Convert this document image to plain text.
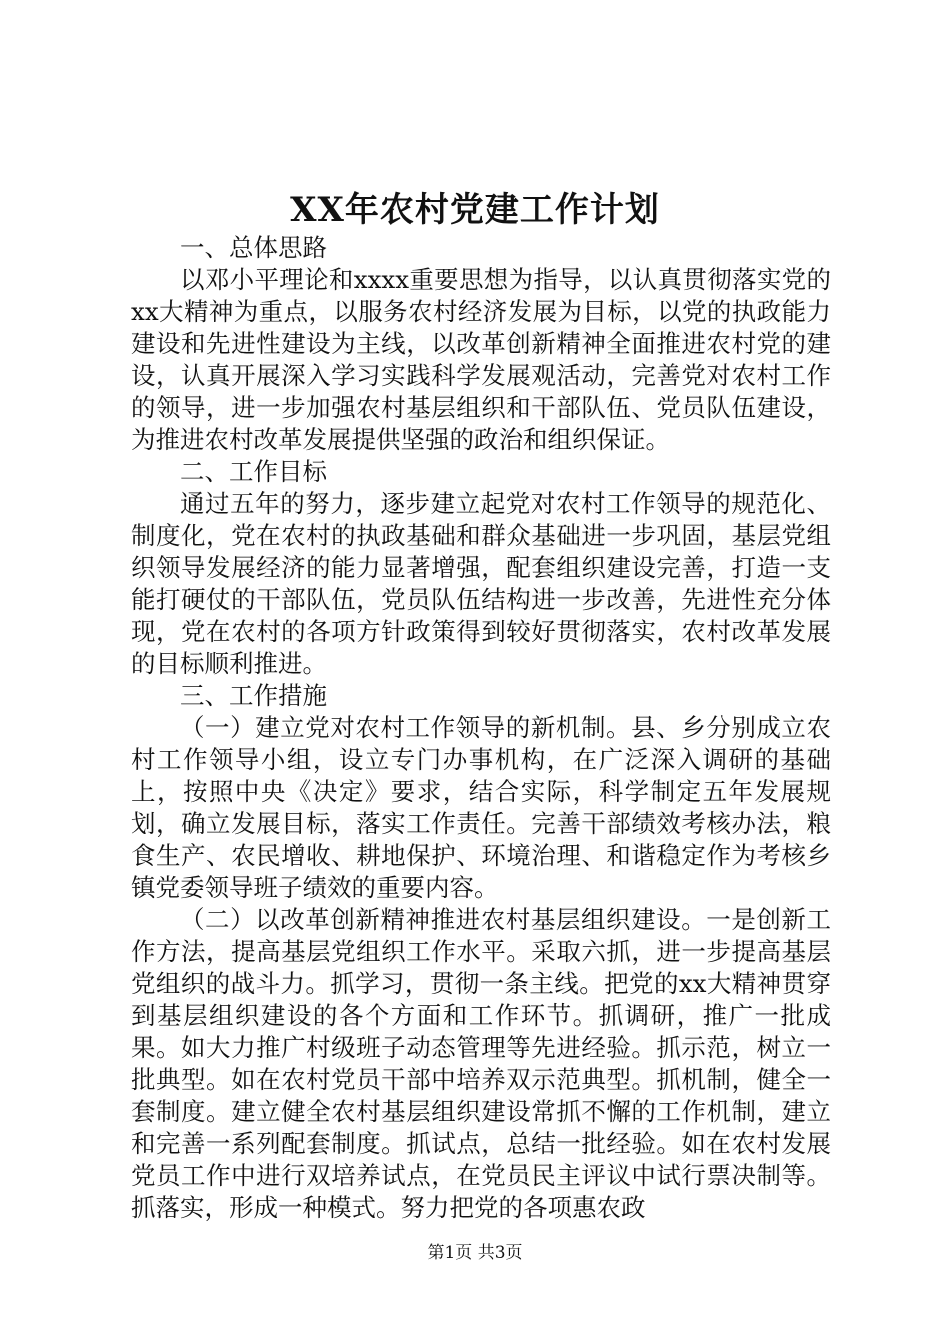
XX年农村党建工作计划

一、总体思路

以邓小平理论和xxxx重要思想为指导，以认真贯彻落实党的xx大精神为重点，以服务农村经济发展为目标，以党的执政能力建设和先进性建设为主线，以改革创新精神全面推进农村党的建设，认真开展深入学习实践科学发展观活动，完善党对农村工作的领导，进一步加强农村基层组织和干部队伍、党员队伍建设，为推进农村改革发展提供坚强的政治和组织保证。

二、工作目标

通过五年的努力，逐步建立起党对农村工作领导的规范化、制度化，党在农村的执政基础和群众基础进一步巩固，基层党组织领导发展经济的能力显著增强，配套组织建设完善，打造一支能打硬仗的干部队伍，党员队伍结构进一步改善，先进性充分体现，党在农村的各项方针政策得到较好贯彻落实，农村改革发展的目标顺利推进。

三、工作措施

（一）建立党对农村工作领导的新机制。县、乡分别成立农村工作领导小组，设立专门办事机构，在广泛深入调研的基础上，按照中央《决定》要求，结合实际，科学制定五年发展规划，确立发展目标，落实工作责任。完善干部绩效考核办法，粮食生产、农民增收、耕地保护、环境治理、和谐稳定作为考核乡镇党委领导班子绩效的重要内容。

（二）以改革创新精神推进农村基层组织建设。一是创新工作方法，提高基层党组织工作水平。采取六抓，进一步提高基层党组织的战斗力。抓学习，贯彻一条主线。把党的xx大精神贯穿到基层组织建设的各个方面和工作环节。抓调研，推广一批成果。如大力推广村级班子动态管理等先进经验。抓示范，树立一批典型。如在农村党员干部中培养双示范典型。抓机制，健全一套制度。建立健全农村基层组织建设常抓不懈的工作机制，建立和完善一系列配套制度。抓试点，总结一批经验。如在农村发展党员工作中进行双培养试点，在党员民主评议中试行票决制等。抓落实，形成一种模式。努力把党的各项惠农政

第1页 共3页
